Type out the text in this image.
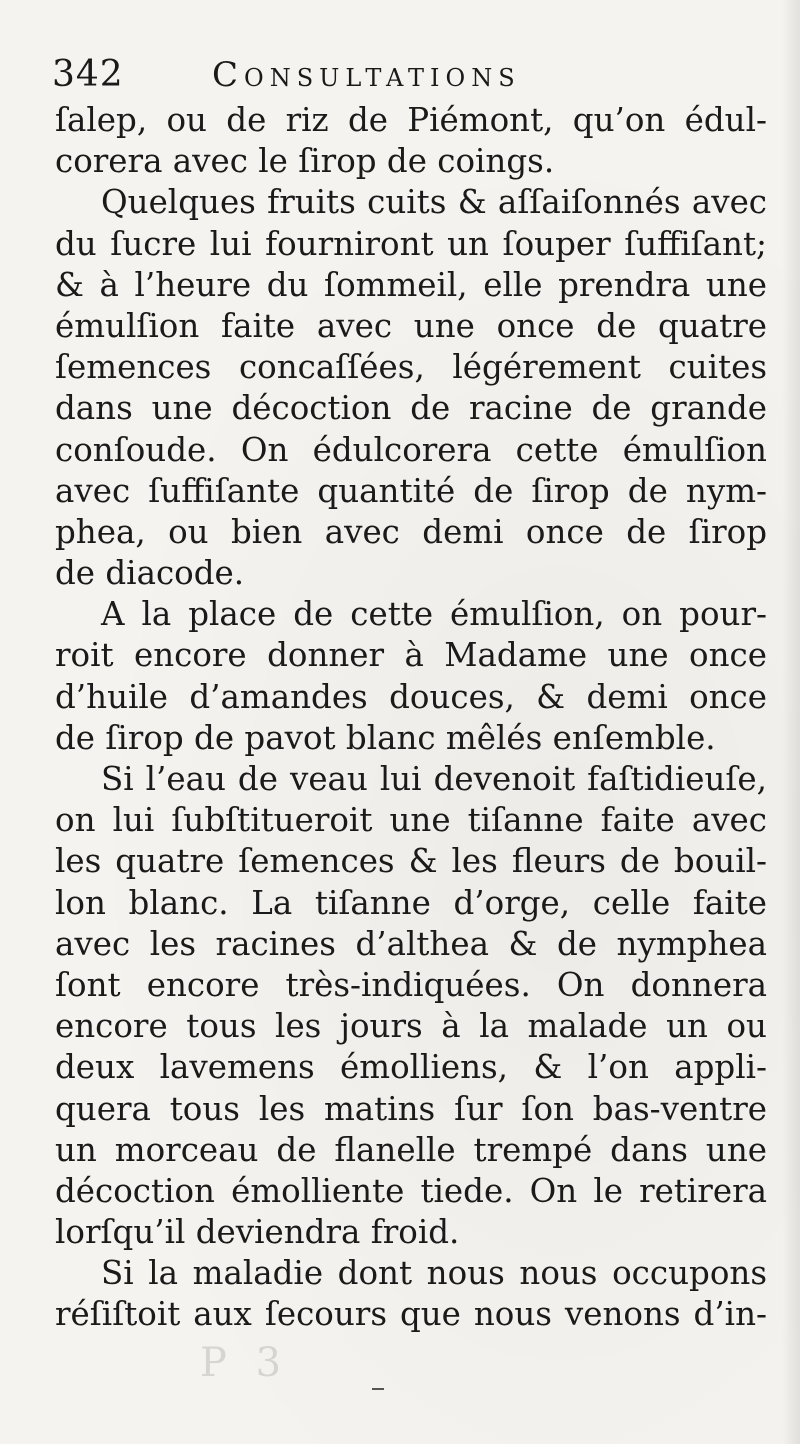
342	Consultations
ſalep, ou de riz de Piémont, qu’on édul-
corera avec le ſirop de coings.
Quelques fruits cuits & aſſaiſonnés avec
du ſucre lui fourniront un ſouper ſuffiſant;
& à l’heure du ſommeil, elle prendra une
émulſion faite avec une once de quatre
ſemences concaſſées, légérement cuites
dans une décoction de racine de grande
conſoude. On édulcorera cette émulſion
avec ſuffiſante quantité de ſirop de nym-
phea, ou bien avec demi once de ſirop
de diacode.
A la place de cette émulſion, on pour-
roit encore donner à Madame une once
d’huile d’amandes douces, & demi once
de ſirop de pavot blanc mêlés enſemble.
Si l’eau de veau lui devenoit faſtidieuſe,
on lui ſubſtitueroit une tiſanne faite avec
les quatre ſemences & les fleurs de bouil-
lon blanc. La tiſanne d’orge, celle faite
avec les racines d’althea & de nymphea
ſont encore très-indiquées. On donnera
encore tous les jours à la malade un ou
deux lavemens émolliens, & l’on appli-
quera tous les matins ſur ſon bas-ventre
un morceau de flanelle trempé dans une
décoction émolliente tiede. On le retirera
lorſqu’il deviendra froid.
Si la maladie dont nous nous occupons
réſiſtoit aux ſecours que nous venons d’in-
P 3
